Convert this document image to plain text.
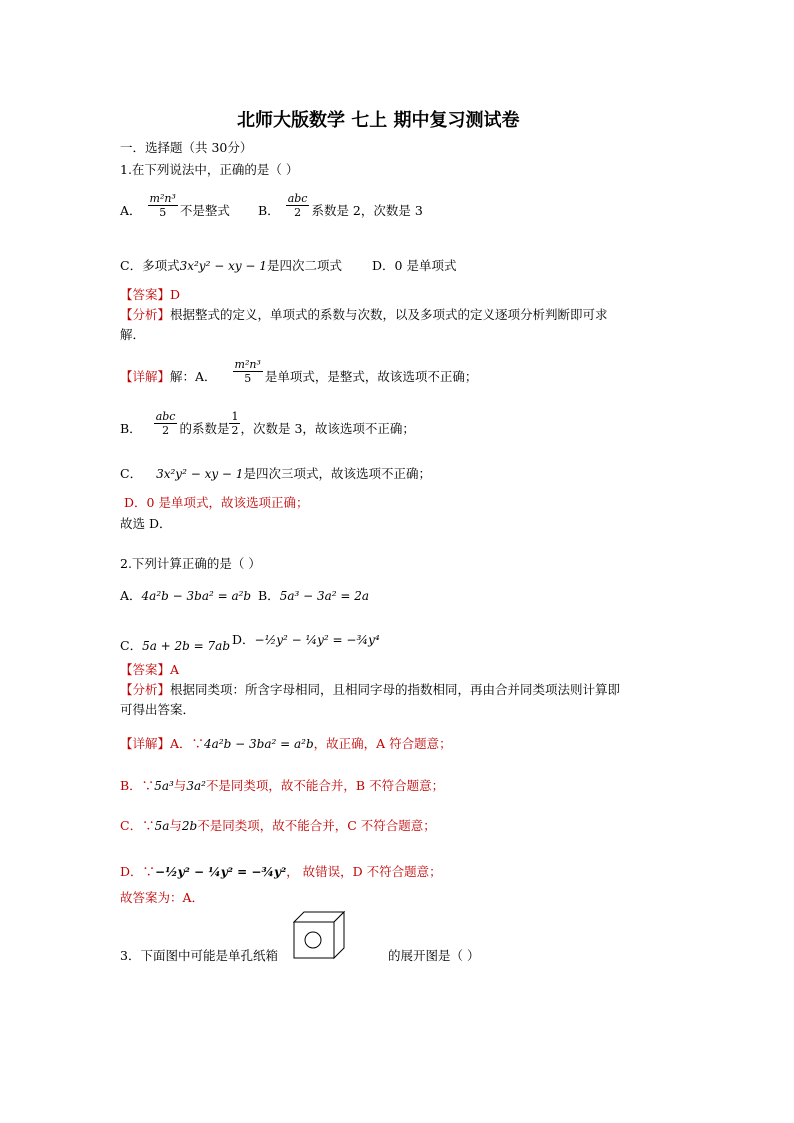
北师大版数学 七上 期中复习测试卷
一．选择题（共 30分）
1.在下列说法中，正确的是（ ）
A． $\frac{\text{m²n³}}{5}$ 不是整式 B． $\frac{\text{abc}}{2}$ 系数是 2，次数是 3
C．多项式3x²y² − xy − 1是四次二项式 D．0 是单项式
【答案】D
【分析】根据整式的定义，单项式的系数与次数，以及多项式的定义逐项分析判断即可求
解．
【详解】 解：A． $\frac{\text{m²n³}}{5}$ 是单项式，是整式，故该选项不正确；
B． $\frac{\text{abc}}{2}$ 的系数是 $\frac{1}{2}$ ，次数是 3，故该选项不正确；
C． 3x²y² − xy − 1是四次三项式，故该选项不正确；
D．0 是单项式，故该选项正确；
故选 D．
2.下列计算正确的是（ ）
A．4a²b − 3ba² = a²b B．5a³ − 3a² = 2a
C．5a + 2b = 7ab D．−½y² − ¼y² = −¾y⁴
【答案】A
【分析】根据同类项：所含字母相同，且相同字母的指数相同，再由合并同类项法则计算即
可得出答案．
【详解】A．∵4a²b − 3ba² = a²b，故正确，A 符合题意；
B．∵5a³与3a²不是同类项，故不能合并，B 不符合题意；
C．∵5a与2b不是同类项，故不能合并，C 不符合题意；
D．∵−½y² − ¼y² = −¾y²， 故错误，D 不符合题意；
故答案为：A．
3．下面图中可能是单孔纸箱	的展开图是（ ）
